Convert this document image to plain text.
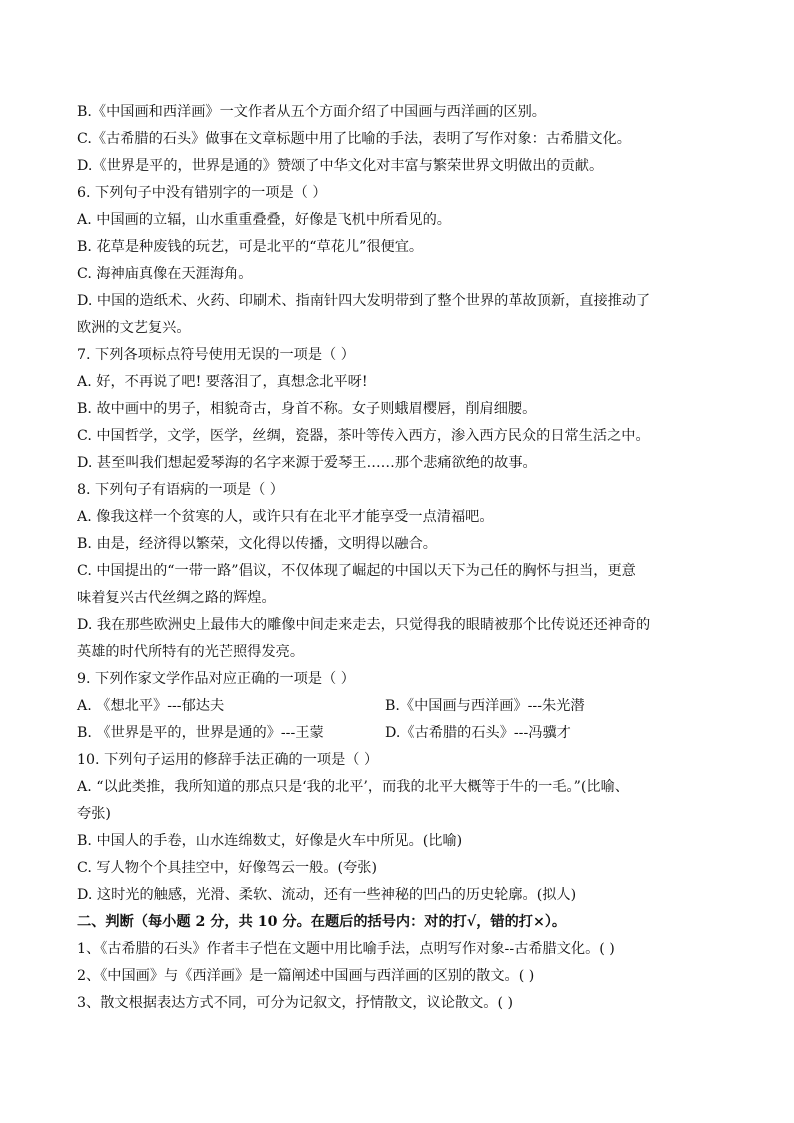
B.《中国画和西洋画》一文作者从五个方面介绍了中国画与西洋画的区别。
C.《古希腊的石头》做事在文章标题中用了比喻的手法，表明了写作对象：古希腊文化。
D.《世界是平的，世界是通的》赞颂了中华文化对丰富与繁荣世界文明做出的贡献。
6. 下列句子中没有错别字的一项是（ ）
A. 中国画的立辐，山水重重叠叠，好像是飞机中所看见的。
B. 花草是种废钱的玩艺，可是北平的“草花儿”很便宜。
C. 海神庙真像在天涯海角。
D. 中国的造纸术、火药、印刷术、指南针四大发明带到了整个世界的革故顶新，直接推动了
欧洲的文艺复兴。
7. 下列各项标点符号使用无误的一项是（ ）
A. 好，不再说了吧! 要落泪了，真想念北平呀!
B. 故中画中的男子，相貌奇古，身首不称。女子则蛾眉樱唇，削肩细腰。
C. 中国哲学，文学，医学，丝绸，瓷器，茶叶等传入西方，渗入西方民众的日常生活之中。
D. 甚至叫我们想起爱琴海的名字来源于爱琴王……那个悲痛欲绝的故事。
8. 下列句子有语病的一项是（ ）
A. 像我这样一个贫寒的人，或许只有在北平才能享受一点清福吧。
B. 由是，经济得以繁荣，文化得以传播，文明得以融合。
C. 中国提出的“一带一路”倡议，不仅体现了崛起的中国以天下为己任的胸怀与担当，更意
味着复兴古代丝绸之路的辉煌。
D. 我在那些欧洲史上最伟大的雕像中间走来走去，只觉得我的眼睛被那个比传说还还神奇的
英雄的时代所特有的光芒照得发亮。
9. 下列作家文学作品对应正确的一项是（ ）
A. 《想北平》---郁达夫	B.《中国画与西洋画》---朱光潜
B. 《世界是平的，世界是通的》---王蒙	D.《古希腊的石头》---冯骥才
10. 下列句子运用的修辞手法正确的一项是（ ）
A. “以此类推，我所知道的那点只是‘我的北平’，而我的北平大概等于牛的一毛。”(比喻、
夸张)
B. 中国人的手卷，山水连绵数丈，好像是火车中所见。(比喻)
C. 写人物个个具挂空中，好像驾云一般。(夸张)
D. 这时光的触感，光滑、柔软、流动，还有一些神秘的凹凸的历史轮廓。(拟人)
二、判断（每小题 2 分，共 10 分。在题后的括号内：对的打√，错的打×）。
1、《古希腊的石头》作者丰子恺在文题中用比喻手法，点明写作对象--古希腊文化。( )
2、《中国画》与《西洋画》是一篇阐述中国画与西洋画的区别的散文。( )
3、散文根据表达方式不同，可分为记叙文，抒情散文，议论散文。( )
